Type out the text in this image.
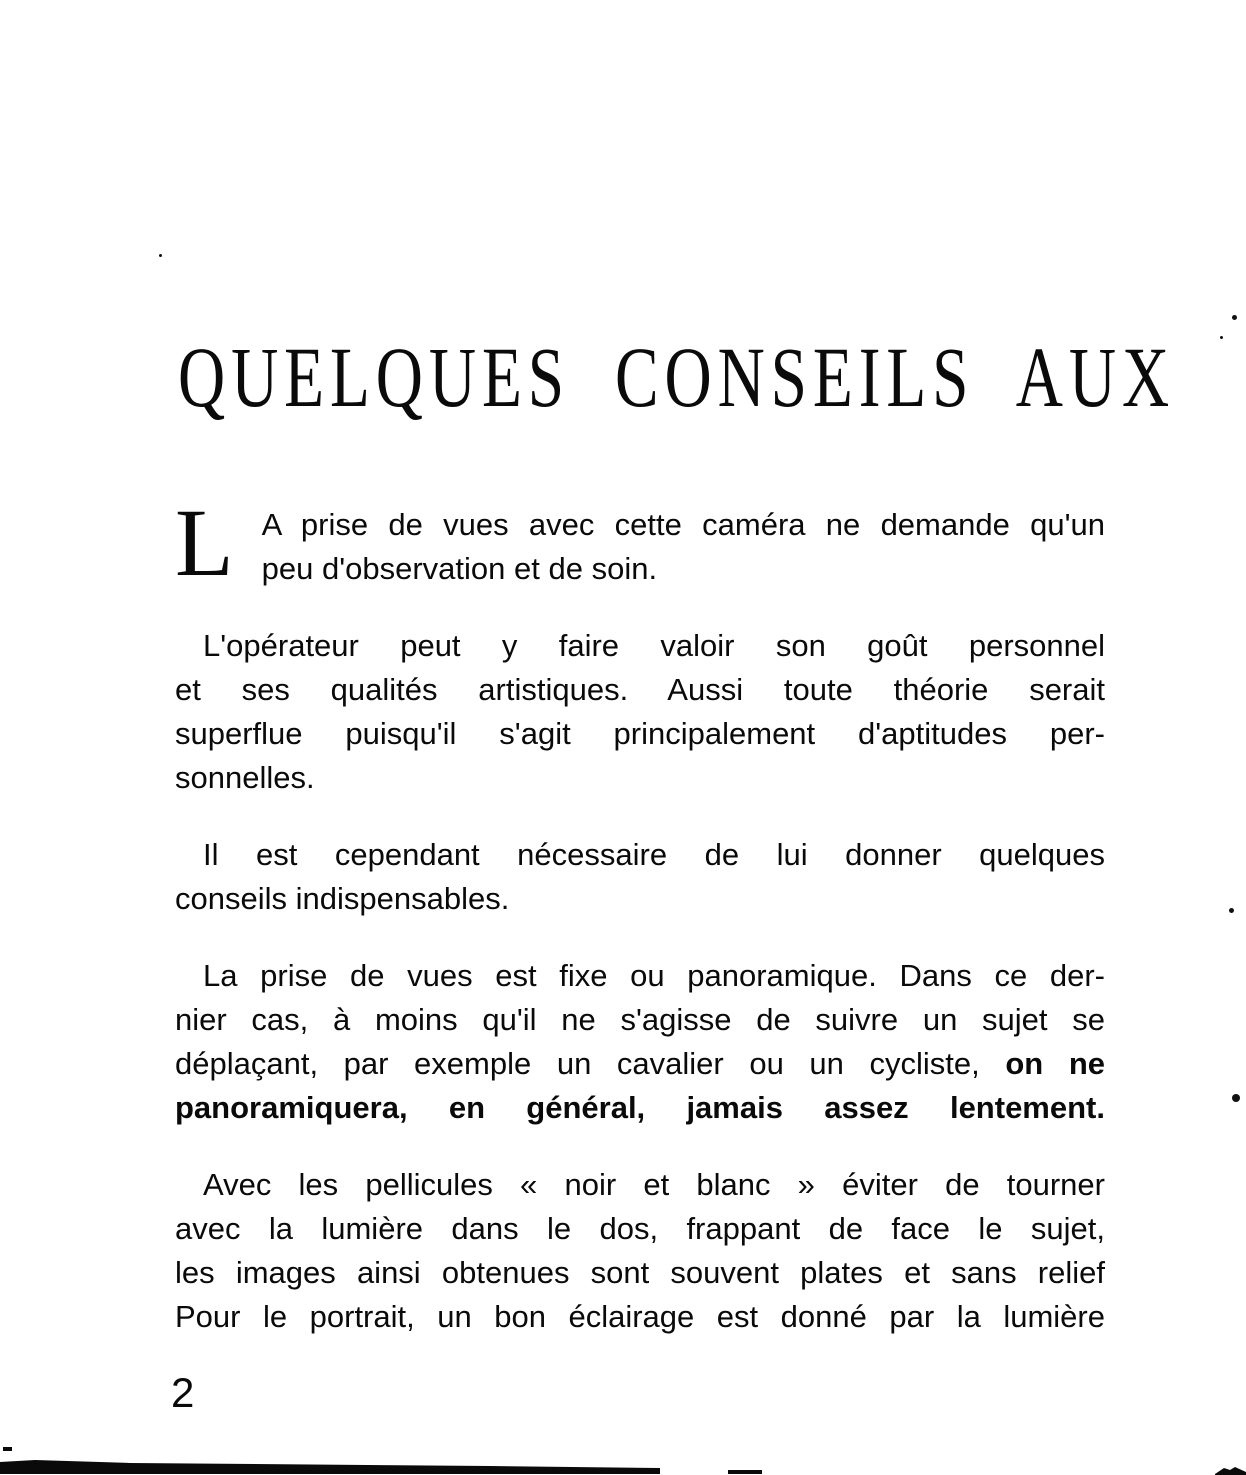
QUELQUES CONSEILS AUX
L A prise de vues avec cette caméra ne demande qu'un
peu d'observation et de soin.
L'opérateur peut y faire valoir son goût personnel
et ses qualités artistiques. Aussi toute théorie serait
superflue puisqu'il s'agit principalement d'aptitudes per-
sonnelles.
Il est cependant nécessaire de lui donner quelques
conseils indispensables.
La prise de vues est fixe ou panoramique. Dans ce der-
nier cas, à moins qu'il ne s'agisse de suivre un sujet se
déplaçant, par exemple un cavalier ou un cycliste, on ne
panoramiquera, en général, jamais assez lentement.
Avec les pellicules « noir et blanc » éviter de tourner
avec la lumière dans le dos, frappant de face le sujet,
les images ainsi obtenues sont souvent plates et sans relief
Pour le portrait, un bon éclairage est donné par la lumière
2
